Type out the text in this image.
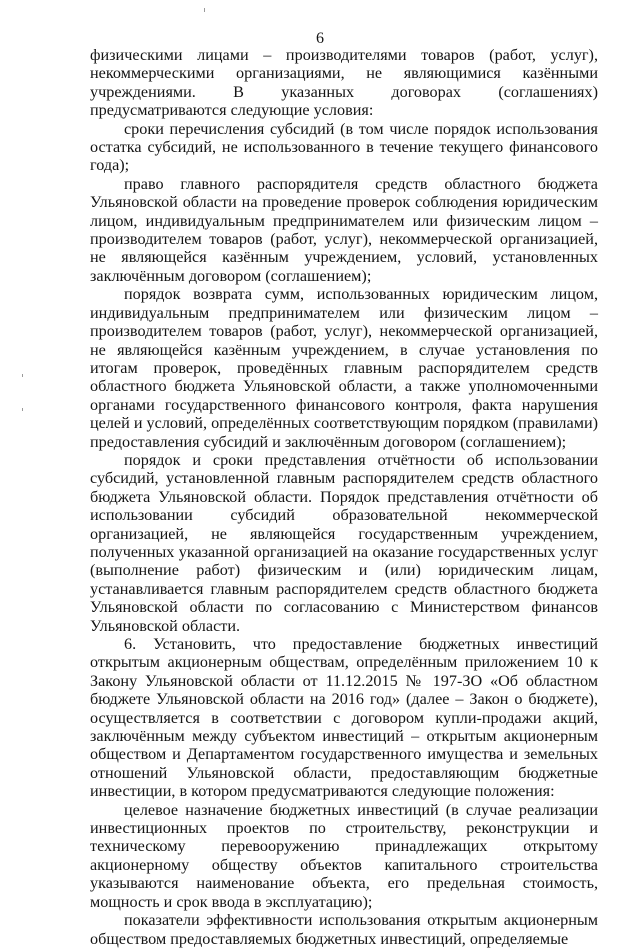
6

физическими лицами – производителями товаров (работ, услуг), некоммерческими организациями, не являющимися казёнными учреждениями. В указанных договорах (соглашениях) предусматриваются следующие условия:

сроки перечисления субсидий (в том числе порядок использования остатка субсидий, не использованного в течение текущего финансового года);

право главного распорядителя средств областного бюджета Ульяновской области на проведение проверок соблюдения юридическим лицом, индивидуальным предпринимателем или физическим лицом – производителем товаров (работ, услуг), некоммерческой организацией, не являющейся казённым учреждением, условий, установленных заключённым договором (соглашением);

порядок возврата сумм, использованных юридическим лицом, индивидуальным предпринимателем или физическим лицом – производителем товаров (работ, услуг), некоммерческой организацией, не являющейся казённым учреждением, в случае установления по итогам проверок, проведённых главным распорядителем средств областного бюджета Ульяновской области, а также уполномоченными органами государственного финансового контроля, факта нарушения целей и условий, определённых соответствующим порядком (правилами) предоставления субсидий и заключённым договором (соглашением);

порядок и сроки представления отчётности об использовании субсидий, установленной главным распорядителем средств областного бюджета Ульяновской области. Порядок представления отчётности об использовании субсидий образовательной некоммерческой организацией, не являющейся государственным учреждением, полученных указанной организацией на оказание государственных услуг (выполнение работ) физическим и (или) юридическим лицам, устанавливается главным распорядителем средств областного бюджета Ульяновской области по согласованию с Министерством финансов Ульяновской области.

6. Установить, что предоставление бюджетных инвестиций открытым акционерным обществам, определённым приложением 10 к Закону Ульяновской области от 11.12.2015 № 197-ЗО «Об областном бюджете Ульяновской области на 2016 год» (далее – Закон о бюджете), осуществляется в соответствии с договором купли-продажи акций, заключённым между субъектом инвестиций – открытым акционерным обществом и Департаментом государственного имущества и земельных отношений Ульяновской области, предоставляющим бюджетные инвестиции, в котором предусматриваются следующие положения:

целевое назначение бюджетных инвестиций (в случае реализации инвестиционных проектов по строительству, реконструкции и техническому перевооружению принадлежащих открытому акционерному обществу объектов капитального строительства указываются наименование объекта, его предельная стоимость, мощность и срок ввода в эксплуатацию);

показатели эффективности использования открытым акционерным обществом предоставляемых бюджетных инвестиций, определяемые
